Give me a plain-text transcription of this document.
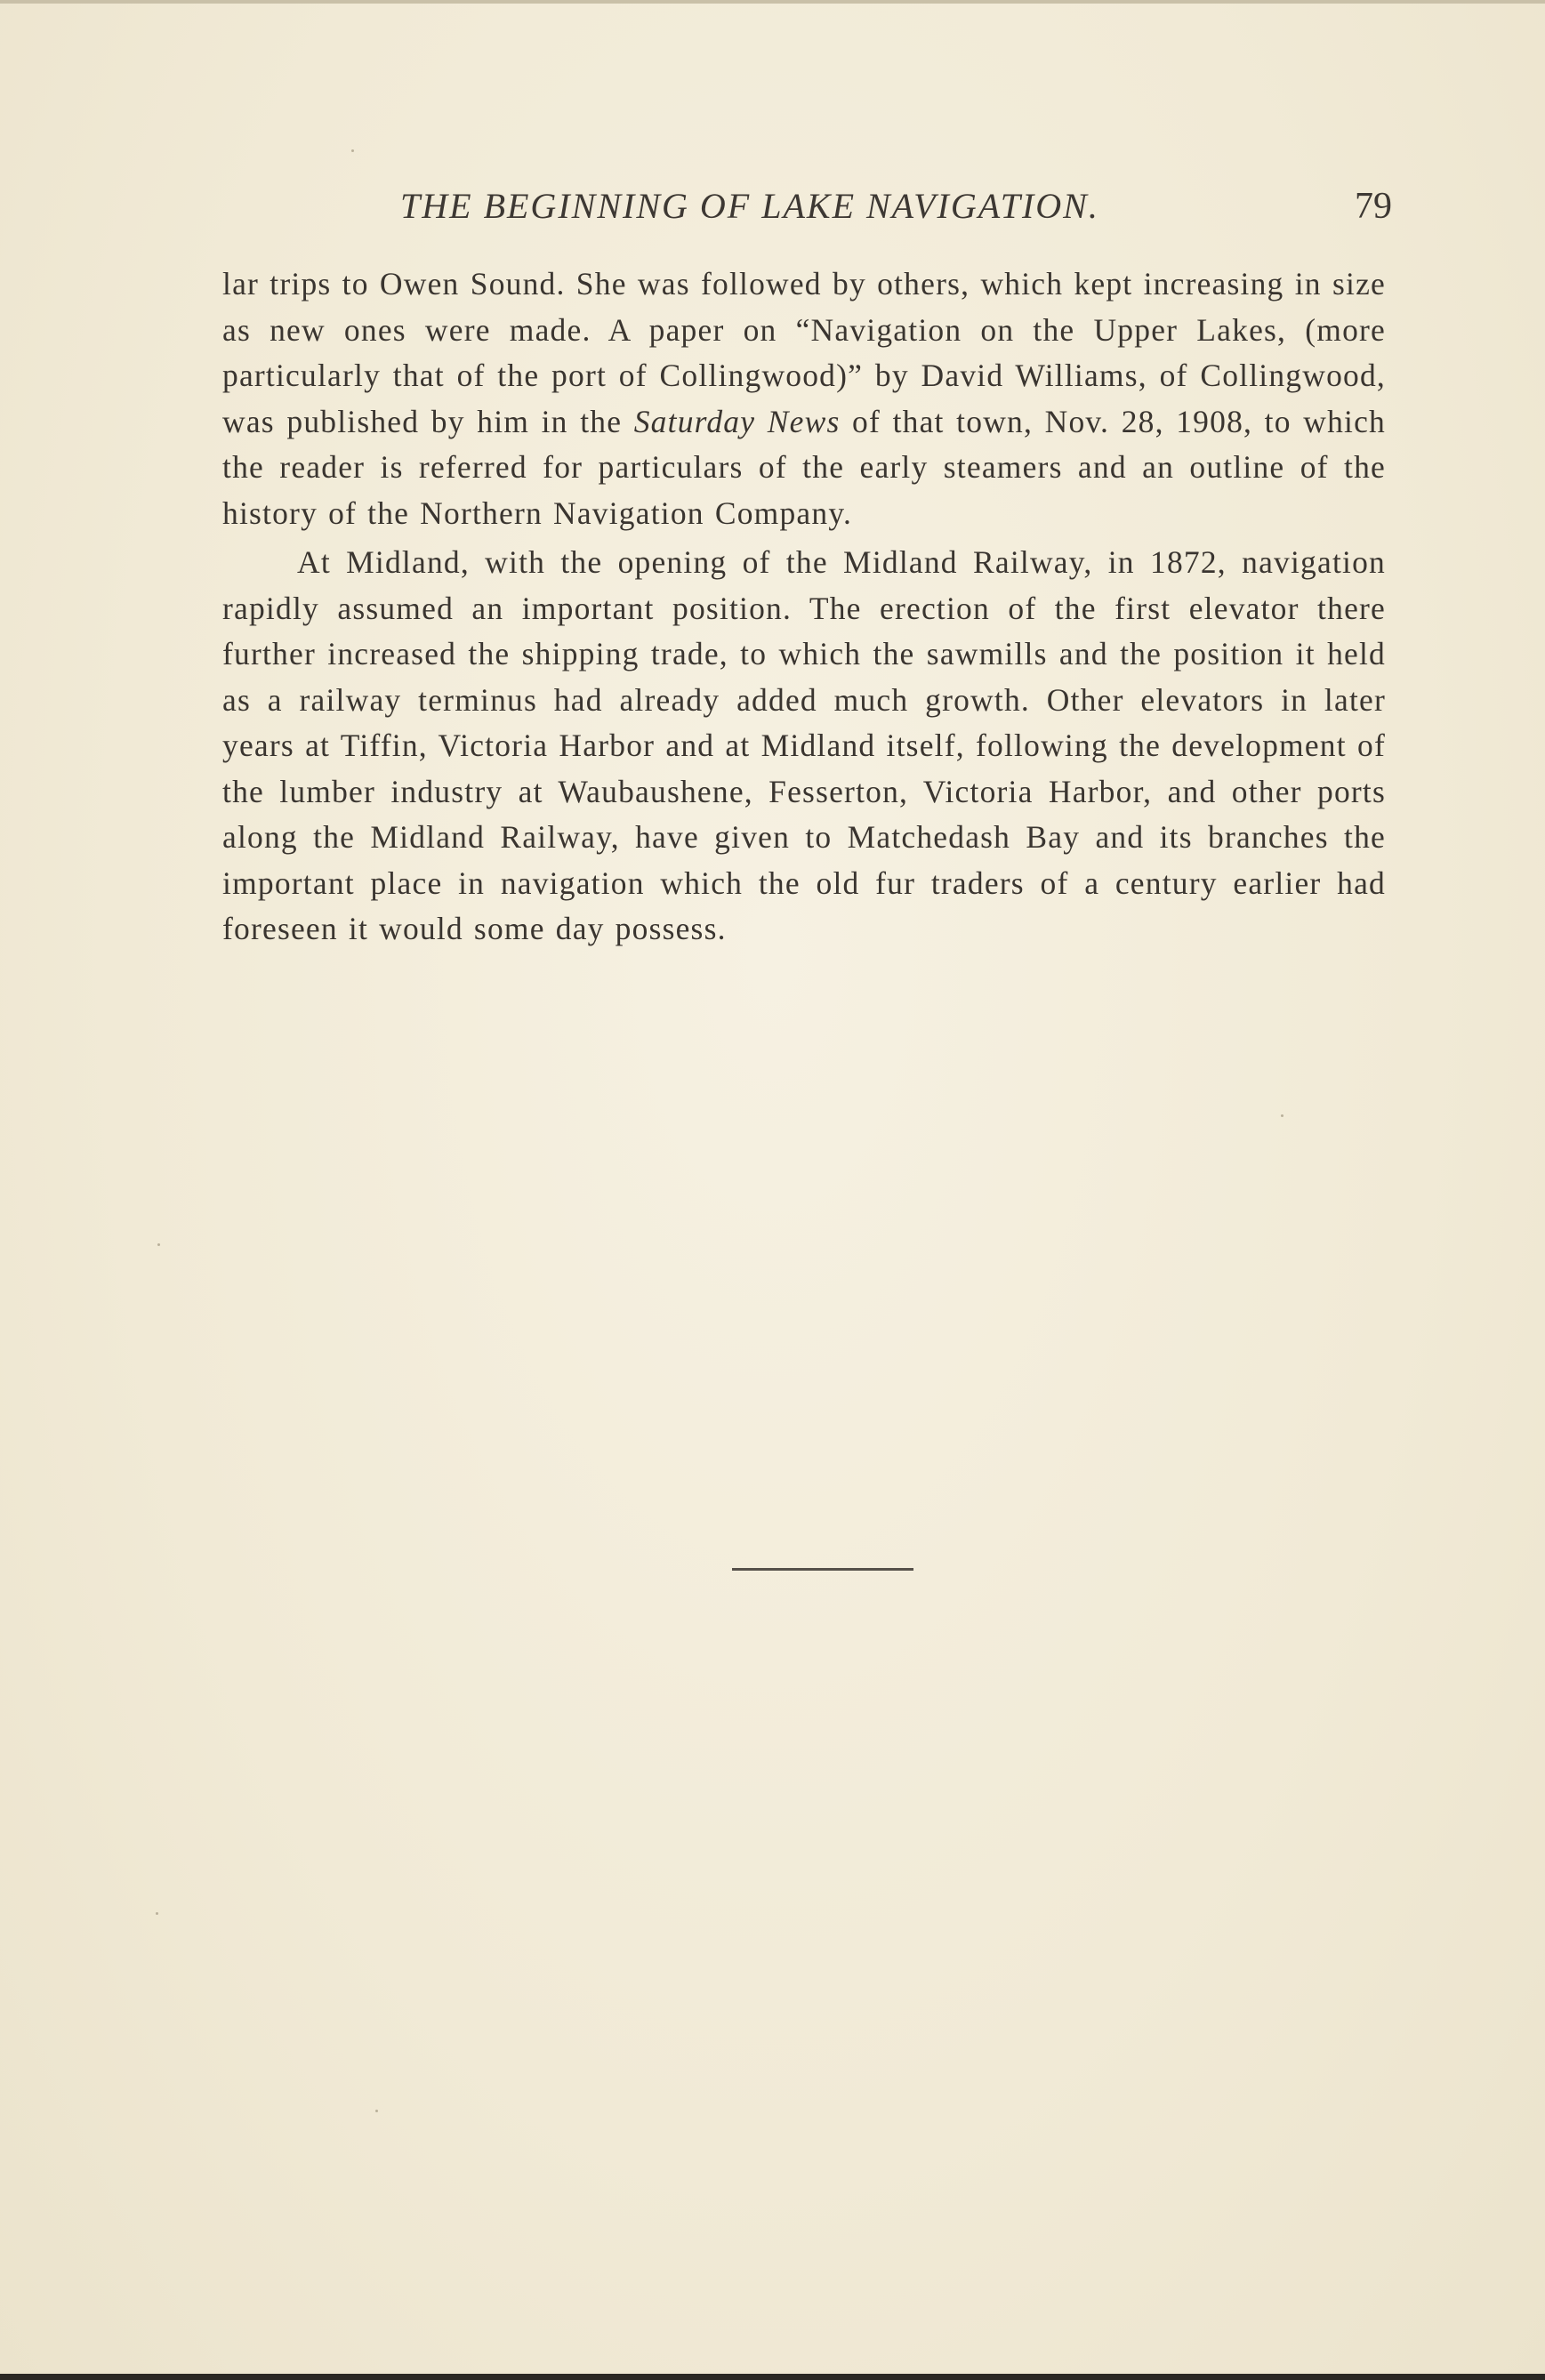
THE BEGINNING OF LAKE NAVIGATION.	79

lar trips to Owen Sound. She was followed by others, which kept increasing in size as new ones were made. A paper on “Navigation on the Upper Lakes, (more particularly that of the port of Collingwood)” by David Williams, of Collingwood, was published by him in the Saturday News of that town, Nov. 28, 1908, to which the reader is referred for particulars of the early steamers and an outline of the history of the Northern Navigation Company.

At Midland, with the opening of the Midland Railway, in 1872, navigation rapidly assumed an important position. The erection of the first elevator there further increased the shipping trade, to which the sawmills and the position it held as a railway terminus had already added much growth. Other elevators in later years at Tiffin, Victoria Harbor and at Midland itself, following the development of the lumber industry at Waubaushene, Fesserton, Victoria Harbor, and other ports along the Midland Railway, have given to Matchedash Bay and its branches the important place in navigation which the old fur traders of a century earlier had foreseen it would some day possess.
